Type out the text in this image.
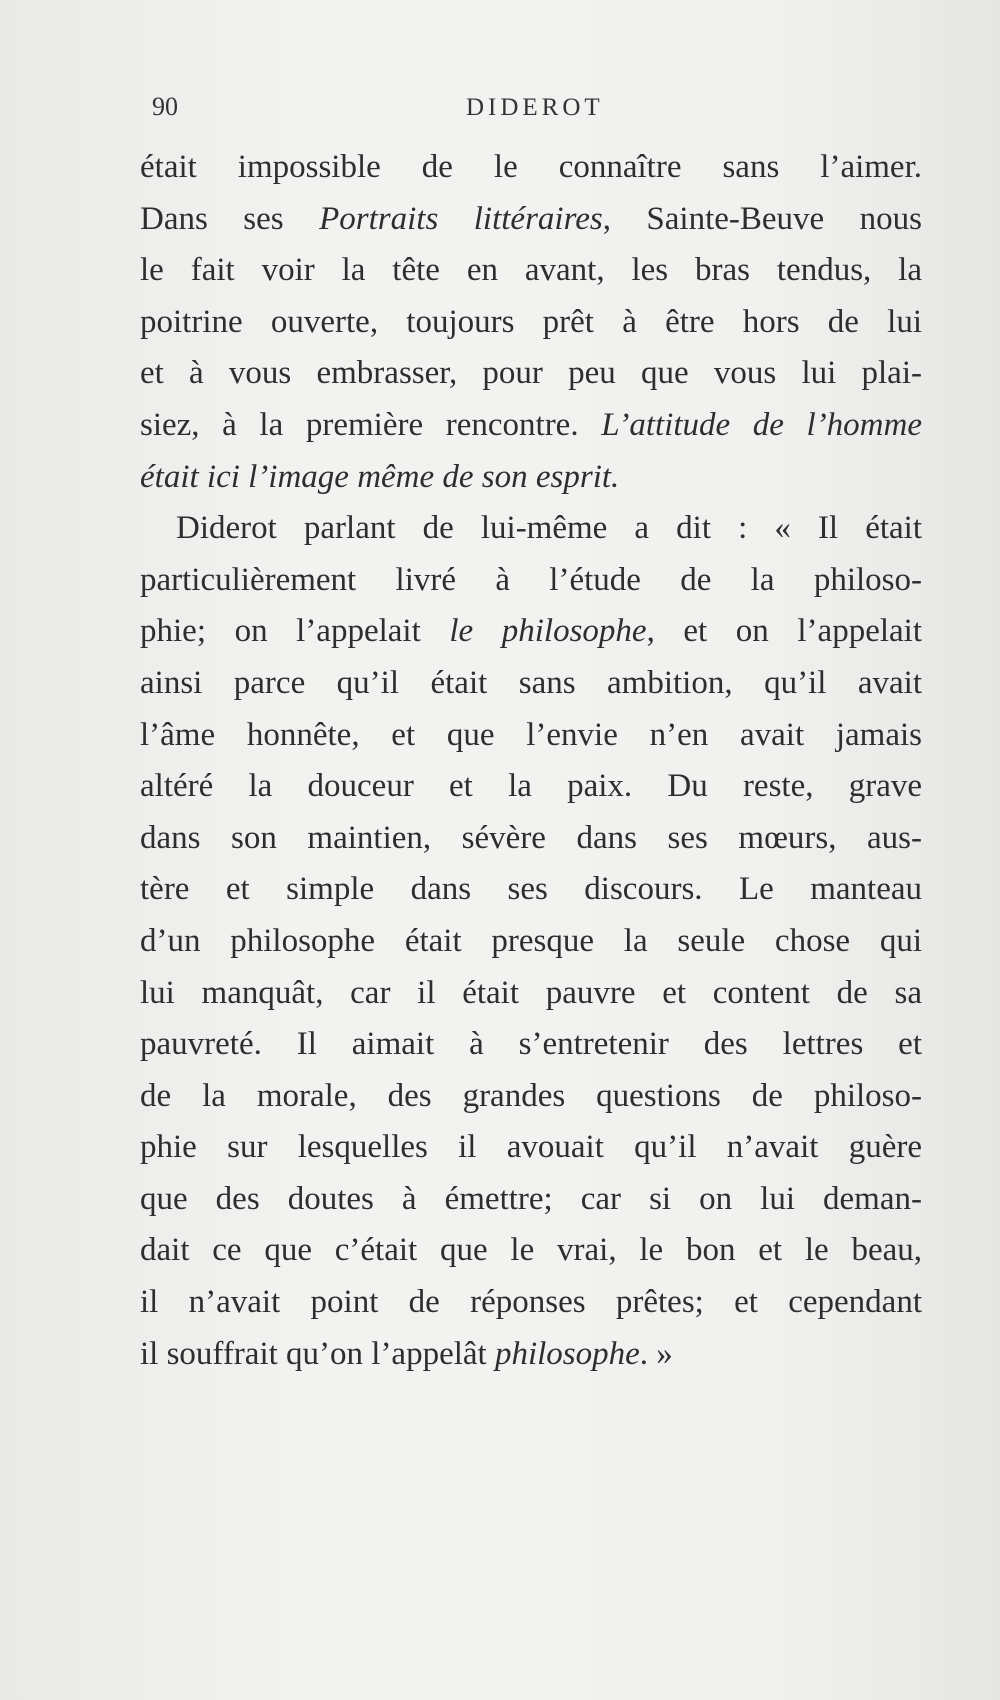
90	DIDEROT
était impossible de le connaître sans l’aimer.
Dans ses Portraits littéraires, Sainte-Beuve nous
le fait voir la tête en avant, les bras tendus, la
poitrine ouverte, toujours prêt à être hors de lui
et à vous embrasser, pour peu que vous lui plai-
siez, à la première rencontre. L’attitude de l’homme
était ici l’image même de son esprit.
Diderot parlant de lui-même a dit : « Il était
particulièrement livré à l’étude de la philoso-
phie; on l’appelait le philosophe, et on l’appelait
ainsi parce qu’il était sans ambition, qu’il avait
l’âme honnête, et que l’envie n’en avait jamais
altéré la douceur et la paix. Du reste, grave
dans son maintien, sévère dans ses mœurs, aus-
tère et simple dans ses discours. Le manteau
d’un philosophe était presque la seule chose qui
lui manquât, car il était pauvre et content de sa
pauvreté. Il aimait à s’entretenir des lettres et
de la morale, des grandes questions de philoso-
phie sur lesquelles il avouait qu’il n’avait guère
que des doutes à émettre; car si on lui deman-
dait ce que c’était que le vrai, le bon et le beau,
il n’avait point de réponses prêtes; et cependant
il souffrait qu’on l’appelât philosophe. »
